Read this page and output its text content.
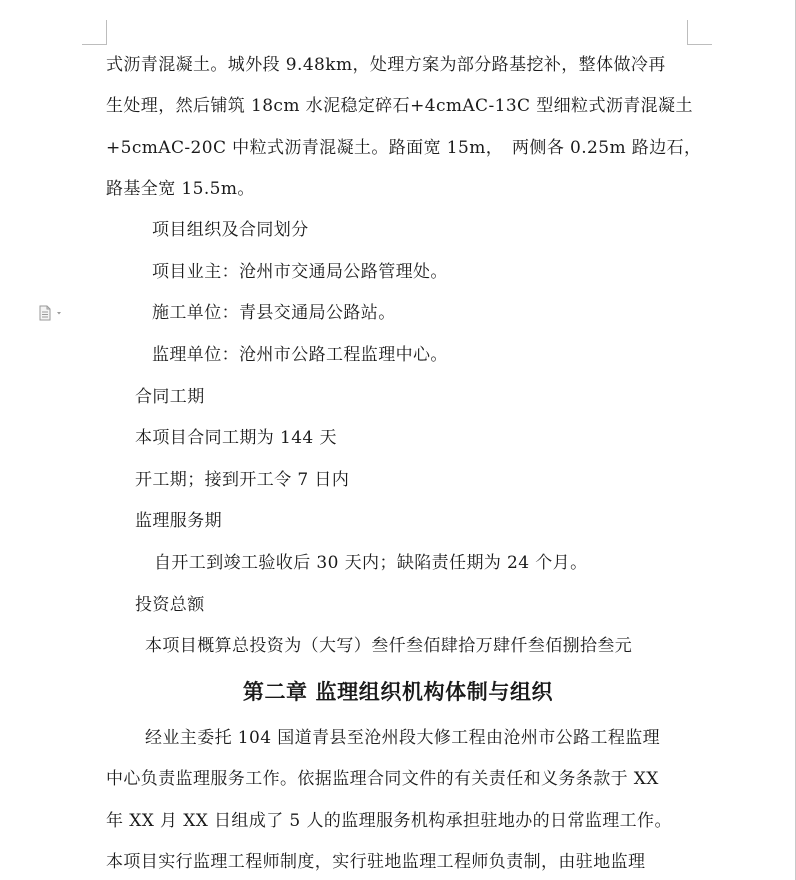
式沥青混凝土。城外段 9.48km，处理方案为部分路基挖补，整体做冷再
生处理，然后铺筑 18cm 水泥稳定碎石+4cmAC-13C 型细粒式沥青混凝土
+5cmAC-20C 中粒式沥青混凝土。路面宽 15m，　两侧各 0.25m 路边石，
路基全宽 15.5m。
项目组织及合同划分
项目业主：沧州市交通局公路管理处。
施工单位：青县交通局公路站。
监理单位：沧州市公路工程监理中心。
合同工期
本项目合同工期为 144 天
开工期；接到开工令 7 日内
监理服务期
自开工到竣工验收后 30 天内；缺陷责任期为 24 个月。
投资总额
本项目概算总投资为（大写）叁仟叁佰肆拾万肆仟叁佰捌拾叁元
第二章 监理组织机构体制与组织
经业主委托 104 国道青县至沧州段大修工程由沧州市公路工程监理
中心负责监理服务工作。依据监理合同文件的有关责任和义务条款于 XX
年 XX 月 XX 日组成了 5 人的监理服务机构承担驻地办的日常监理工作。
本项目实行监理工程师制度，实行驻地监理工程师负责制，由驻地监理
